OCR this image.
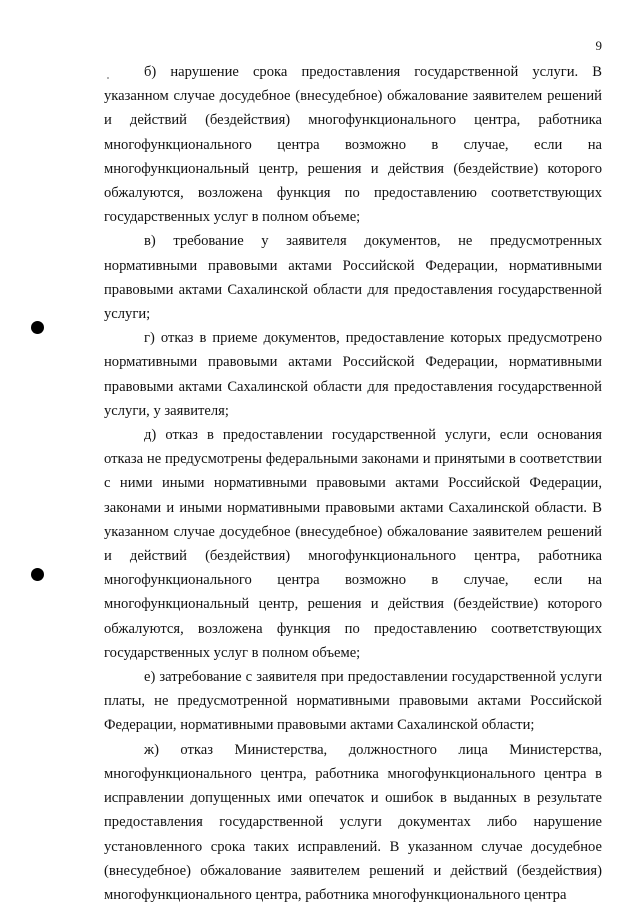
9

б) нарушение срока предоставления государственной услуги. В указанном случае досудебное (внесудебное) обжалование заявителем решений и действий (бездействия) многофункционального центра, работника многофункционального центра возможно в случае, если на многофункциональный центр, решения и действия (бездействие) которого обжалуются, возложена функция по предоставлению соответствующих государственных услуг в полном объеме;

в) требование у заявителя документов, не предусмотренных нормативными правовыми актами Российской Федерации, нормативными правовыми актами Сахалинской области для предоставления государственной услуги;

г) отказ в приеме документов, предоставление которых предусмотрено нормативными правовыми актами Российской Федерации, нормативными правовыми актами Сахалинской области для предоставления государственной услуги, у заявителя;

д) отказ в предоставлении государственной услуги, если основания отказа не предусмотрены федеральными законами и принятыми в соответствии с ними иными нормативными правовыми актами Российской Федерации, законами и иными нормативными правовыми актами Сахалинской области. В указанном случае досудебное (внесудебное) обжалование заявителем решений и действий (бездействия) многофункционального центра, работника многофункционального центра возможно в случае, если на многофункциональный центр, решения и действия (бездействие) которого обжалуются, возложена функция по предоставлению соответствующих государственных услуг в полном объеме;

е) затребование с заявителя при предоставлении государственной услуги платы, не предусмотренной нормативными правовыми актами Российской Федерации, нормативными правовыми актами Сахалинской области;

ж) отказ Министерства, должностного лица Министерства, многофункционального центра, работника многофункционального центра в исправлении допущенных ими опечаток и ошибок в выданных в результате предоставления государственной услуги документах либо нарушение установленного срока таких исправлений. В указанном случае досудебное (внесудебное) обжалование заявителем решений и действий (бездействия) многофункционального центра, работника многофункционального центра
